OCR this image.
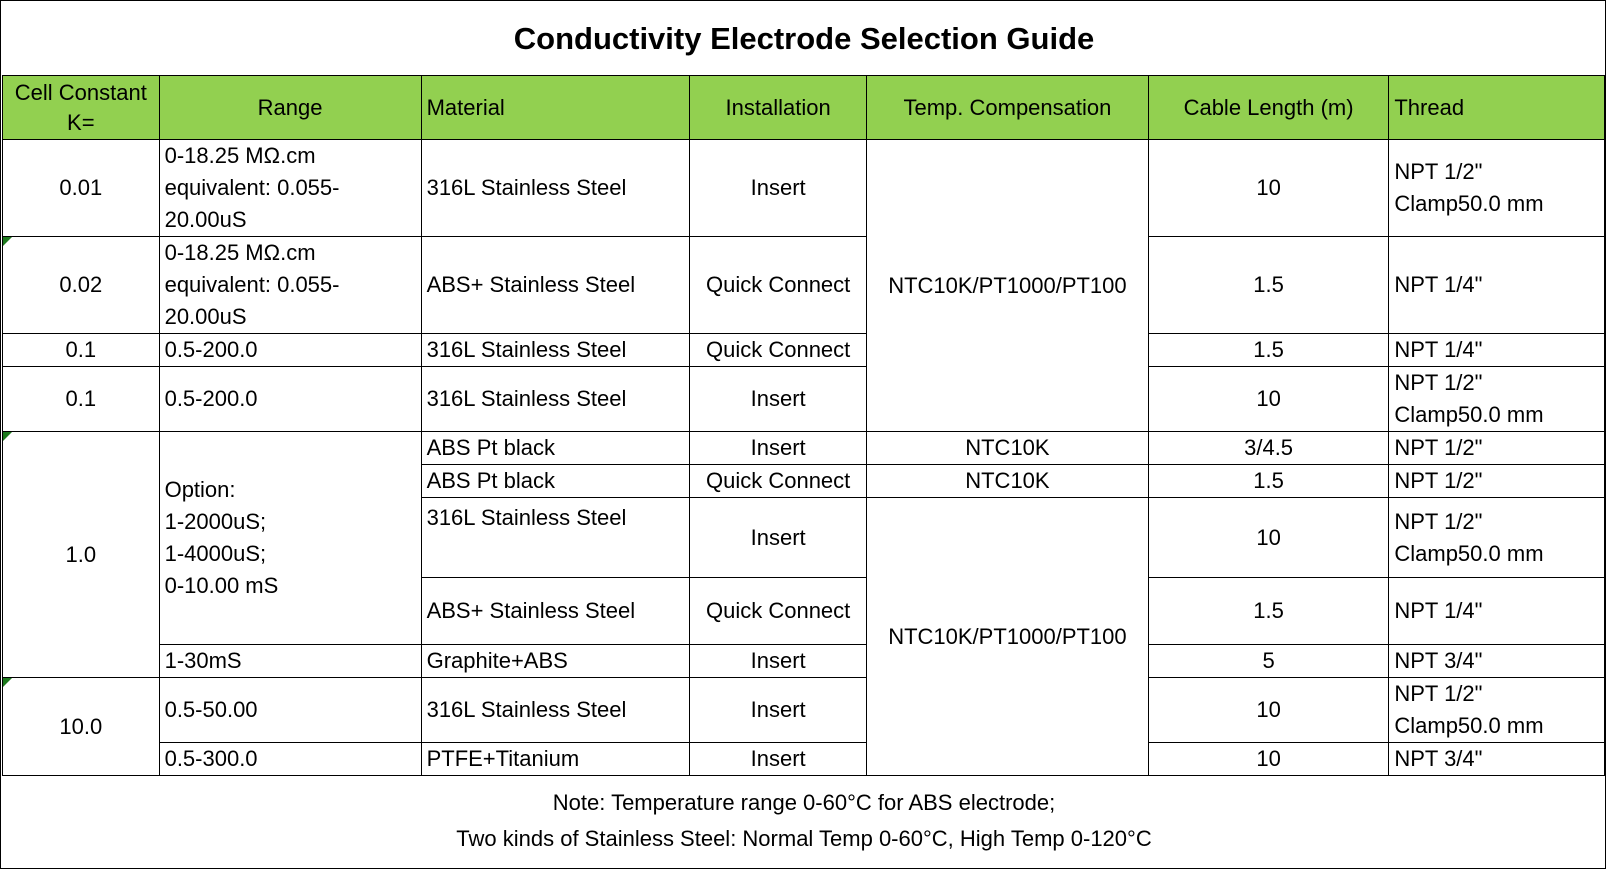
Conductivity Electrode Selection Guide
Cell Constant K=	Range	Material	Installation	Temp. Compensation	Cable Length (m)	Thread
0.01	0-18.25 MΩ.cm equivalent: 0.055-20.00uS	316L Stainless Steel	Insert	NTC10K/PT1000/PT100	10	NPT 1/2"
Clamp50.0 mm

0.02	0-18.25 MΩ.cm equivalent: 0.055-20.00uS	ABS+ Stainless Steel	Quick Connect		1.5	NPT 1/4"
0.1	0.5-200.0	316L Stainless Steel	Quick Connect		1.5	NPT 1/4"
0.1	0.5-200.0	316L Stainless Steel	Insert		10	NPT 1/2"
Clamp50.0 mm

1.0	Option:
1-2000uS;
1-4000uS;
0-10.00 mS	ABS Pt black	Insert	NTC10K	3/4.5	NPT 1/2"
		ABS Pt black	Quick Connect	NTC10K	1.5	NPT 1/2"
		316L Stainless Steel	Insert	NTC10K/PT1000/PT100	10	NPT 1/2"
Clamp50.0 mm

		ABS+ Stainless Steel	Quick Connect		1.5	NPT 1/4"
	1-30mS	Graphite+ABS	Insert		5	NPT 3/4"
10.0	0.5-50.00	316L Stainless Steel	Insert		10	NPT 1/2"
Clamp50.0 mm

	0.5-300.0	PTFE+Titanium	Insert		10	NPT 3/4"
Note: Temperature range 0-60°C for ABS electrode;
Two kinds of Stainless Steel: Normal Temp 0-60°C, High Temp 0-120°C
